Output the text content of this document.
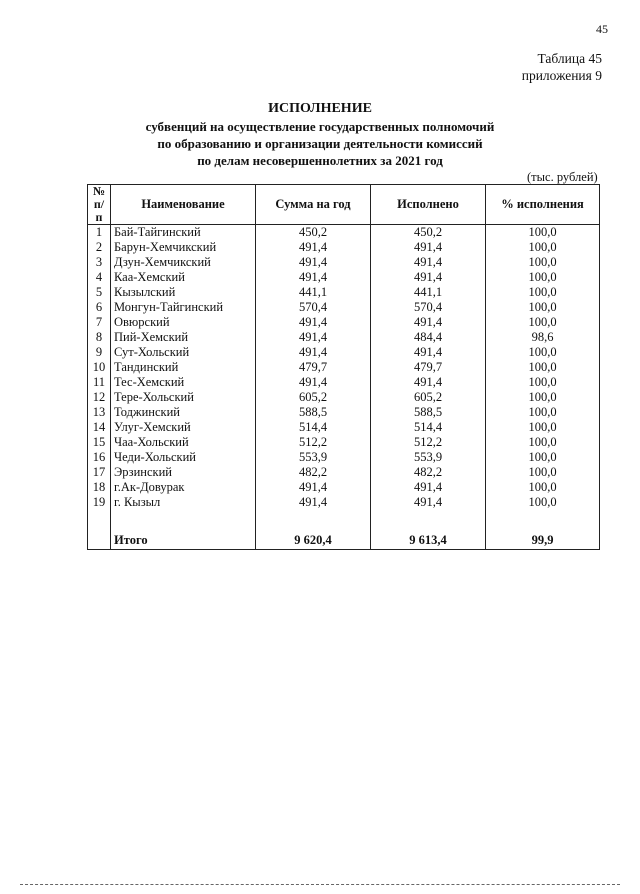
45
Таблица 45
приложения 9
ИСПОЛНЕНИЕ
субвенций на осуществление государственных полномочий
по образованию и организации деятельности комиссий
по делам несовершеннолетних за 2021 год
(тыс. рублей)
№
п/п	Наименование	Сумма на год	Исполнено	% исполнения
1	Бай-Тайгинский	450,2	450,2	100,0
2	Барун-Хемчикский	491,4	491,4	100,0
3	Дзун-Хемчикский	491,4	491,4	100,0
4	Каа-Хемский	491,4	491,4	100,0
5	Кызылский	441,1	441,1	100,0
6	Монгун-Тайгинский	570,4	570,4	100,0
7	Овюрский	491,4	491,4	100,0
8	Пий-Хемский	491,4	484,4	98,6
9	Сут-Хольский	491,4	491,4	100,0
10	Тандинский	479,7	479,7	100,0
11	Тес-Хемский	491,4	491,4	100,0
12	Тере-Хольский	605,2	605,2	100,0
13	Тоджинский	588,5	588,5	100,0
14	Улуг-Хемский	514,4	514,4	100,0
15	Чаа-Хольский	512,2	512,2	100,0
16	Чеди-Хольский	553,9	553,9	100,0
17	Эрзинский	482,2	482,2	100,0
18	г.Ак-Довурак	491,4	491,4	100,0
19	г. Кызыл	491,4	491,4	100,0

	Итого	9 620,4	9 613,4	99,9
